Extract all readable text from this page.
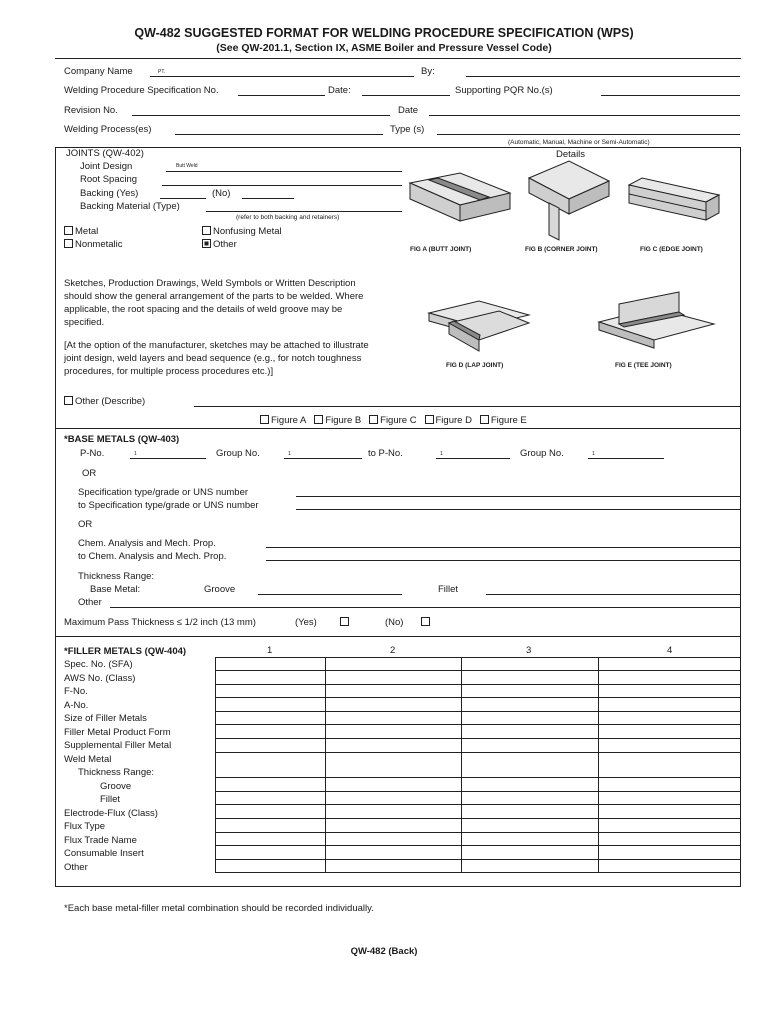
QW-482 SUGGESTED FORMAT FOR WELDING PROCEDURE SPECIFICATION (WPS)
(See QW-201.1, Section IX, ASME Boiler and Pressure Vessel Code)
Company Name	PT.	By:
Welding Procedure Specification No.	Date:	Supporting PQR No.(s)
Revision No.	Date
Welding Process(es)	Type (s)
(Automatic, Manual, Machine or Semi-Automatic)
JOINTS (QW-402)	Details
Joint Design	Butt Weld
Root Spacing
Backing (Yes)	(No)
Backing Material (Type)
(refer to both backing and retainers)
Metal	Nonfusing Metal
Nonmetalic	Other
Sketches, Production Drawings, Weld Symbols or Written Description
should show the general arrangement of the parts to be welded. Where
applicable, the root spacing and the details of weld groove may be
specified.
[At the option of the manufacturer, sketches may be attached to illustrate
joint design, weld layers and bead sequence (e.g., for notch toughness
procedures, for multiple process procedures etc.)]
Other (Describe)
Figure A Figure B Figure C Figure D Figure E
FIG A (BUTT JOINT)	FIG B (CORNER JOINT)	FIG C (EDGE JOINT)
FIG D (LAP JOINT)	FIG E (TEE JOINT)
*BASE METALS (QW-403)
P-No.	1	Group No.	1	to P-No.	1	Group No.	1
OR
Specification type/grade or UNS number
to Specification type/grade or UNS number
OR
Chem. Analysis and Mech. Prop.
to Chem. Analysis and Mech. Prop.
Thickness Range:
Base Metal:	Groove	Fillet
Other
Maximum Pass Thickness ≤ 1/2 inch (13 mm)	(Yes)	(No)
*FILLER METALS (QW-404)	1	2	3	4
Spec. No. (SFA)
AWS No. (Class)
F-No.
A-No.
Size of Filler Metals
Filler Metal Product Form
Supplemental Filler Metal
Weld Metal
Thickness Range:
Groove
Fillet
Electrode-Flux (Class)
Flux Type
Flux Trade Name
Consumable Insert
Other
*Each base metal-filler metal combination should be recorded individually.
QW-482 (Back)
